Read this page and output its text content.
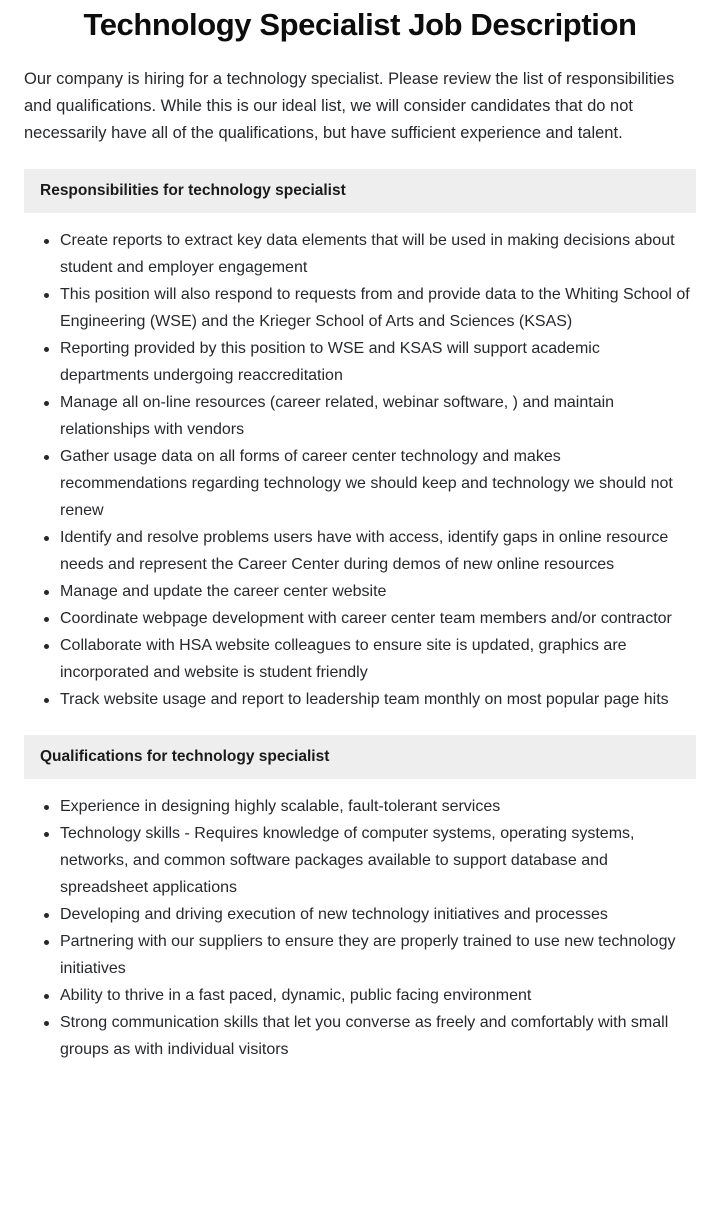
Technology Specialist Job Description

Our company is hiring for a technology specialist. Please review the list of responsibilities and qualifications. While this is our ideal list, we will consider candidates that do not necessarily have all of the qualifications, but have sufficient experience and talent.

Responsibilities for technology specialist
Create reports to extract key data elements that will be used in making decisions about student and employer engagement
This position will also respond to requests from and provide data to the Whiting School of Engineering (WSE) and the Krieger School of Arts and Sciences (KSAS)
Reporting provided by this position to WSE and KSAS will support academic departments undergoing reaccreditation
Manage all on-line resources (career related, webinar software, ) and maintain relationships with vendors
Gather usage data on all forms of career center technology and makes recommendations regarding technology we should keep and technology we should not renew
Identify and resolve problems users have with access, identify gaps in online resource needs and represent the Career Center during demos of new online resources
Manage and update the career center website
Coordinate webpage development with career center team members and/or contractor
Collaborate with HSA website colleagues to ensure site is updated, graphics are incorporated and website is student friendly
Track website usage and report to leadership team monthly on most popular page hits
Qualifications for technology specialist
Experience in designing highly scalable, fault-tolerant services
Technology skills - Requires knowledge of computer systems, operating systems, networks, and common software packages available to support database and spreadsheet applications
Developing and driving execution of new technology initiatives and processes
Partnering with our suppliers to ensure they are properly trained to use new technology initiatives
Ability to thrive in a fast paced, dynamic, public facing environment
Strong communication skills that let you converse as freely and comfortably with small groups as with individual visitors
